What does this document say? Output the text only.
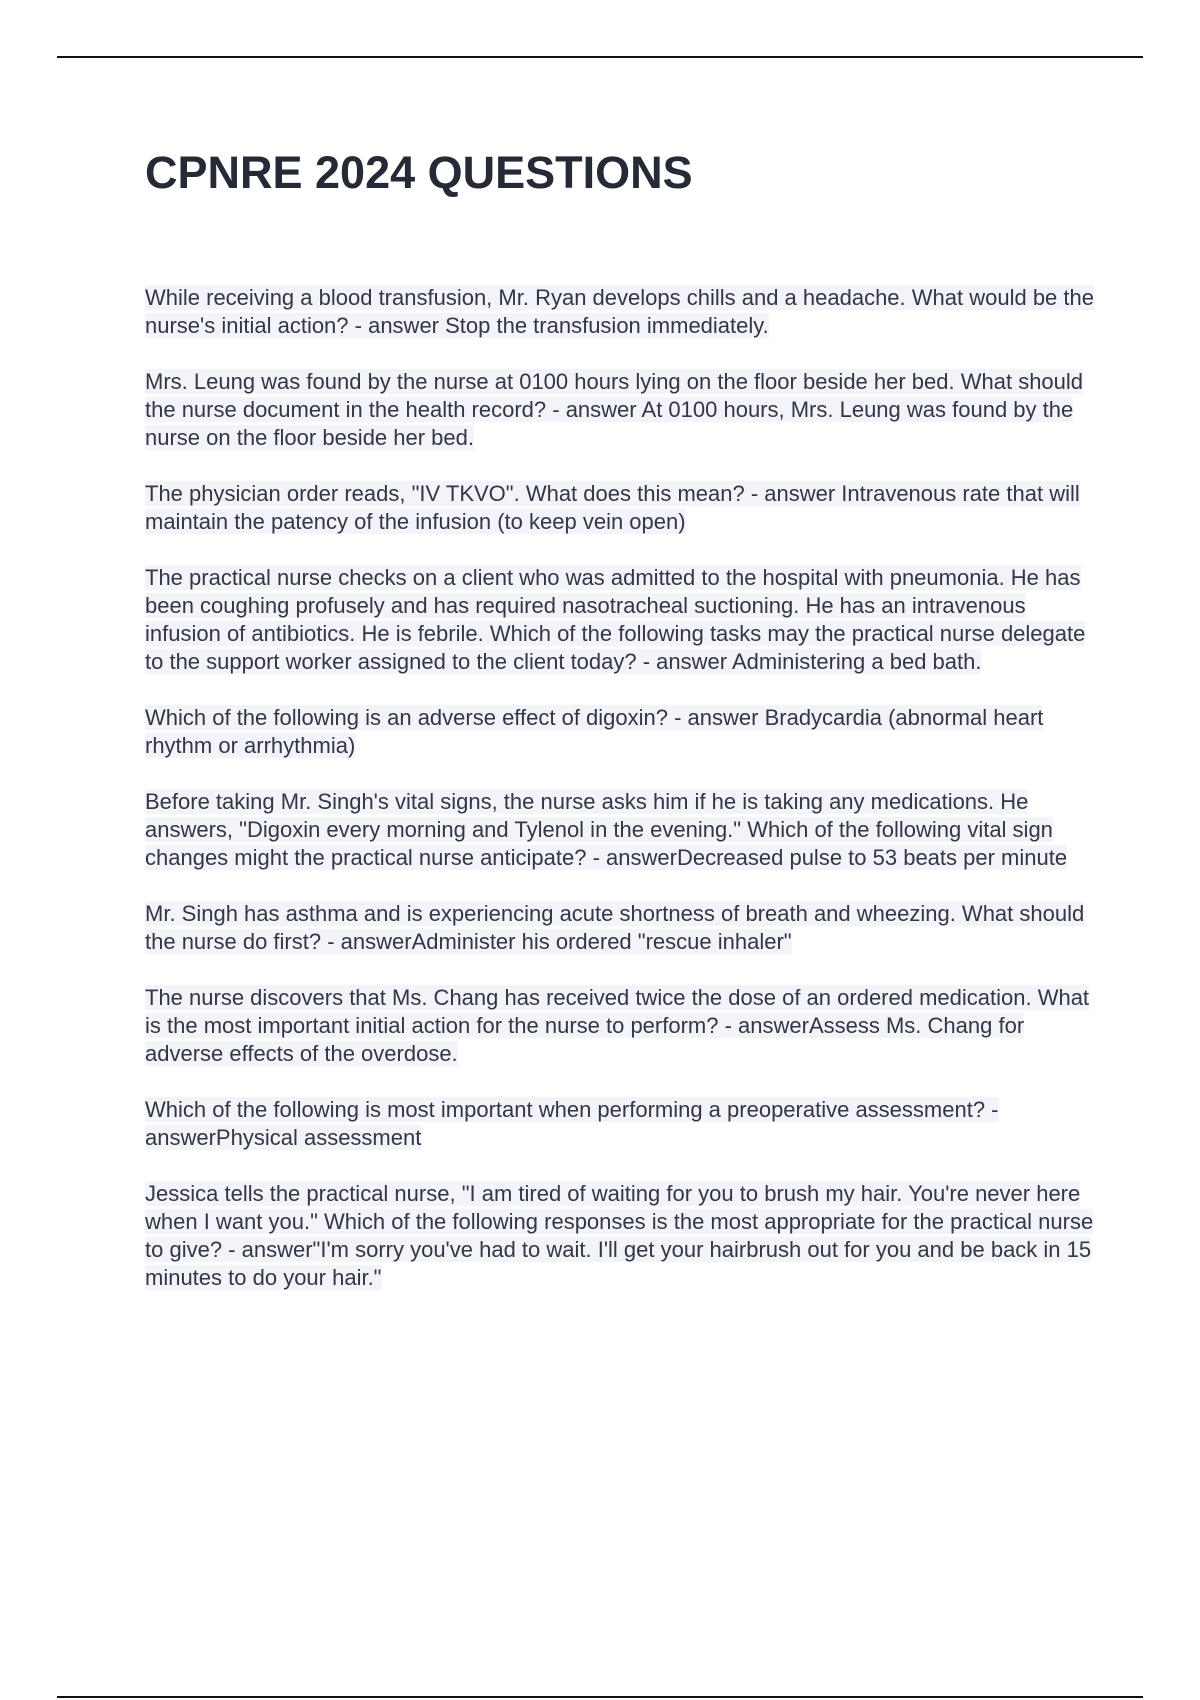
CPNRE 2024 QUESTIONS

While receiving a blood transfusion, Mr. Ryan develops chills and a headache. What would be the nurse's initial action? - answer Stop the transfusion immediately.

Mrs. Leung was found by the nurse at 0100 hours lying on the floor beside her bed. What should the nurse document in the health record? - answer At 0100 hours, Mrs. Leung was found by the nurse on the floor beside her bed.

The physician order reads, "IV TKVO". What does this mean? - answer Intravenous rate that will maintain the patency of the infusion (to keep vein open)

The practical nurse checks on a client who was admitted to the hospital with pneumonia. He has been coughing profusely and has required nasotracheal suctioning. He has an intravenous infusion of antibiotics. He is febrile. Which of the following tasks may the practical nurse delegate to the support worker assigned to the client today? - answer Administering a bed bath.

Which of the following is an adverse effect of digoxin? - answer Bradycardia (abnormal heart rhythm or arrhythmia)

Before taking Mr. Singh's vital signs, the nurse asks him if he is taking any medications. He answers, "Digoxin every morning and Tylenol in the evening." Which of the following vital sign changes might the practical nurse anticipate? - answerDecreased pulse to 53 beats per minute

Mr. Singh has asthma and is experiencing acute shortness of breath and wheezing. What should the nurse do first? - answerAdminister his ordered "rescue inhaler"

The nurse discovers that Ms. Chang has received twice the dose of an ordered medication. What is the most important initial action for the nurse to perform? - answerAssess Ms. Chang for adverse effects of the overdose.

Which of the following is most important when performing a preoperative assessment? - answerPhysical assessment

Jessica tells the practical nurse, "I am tired of waiting for you to brush my hair. You're never here when I want you." Which of the following responses is the most appropriate for the practical nurse to give? - answer"I'm sorry you've had to wait. I'll get your hairbrush out for you and be back in 15 minutes to do your hair."
